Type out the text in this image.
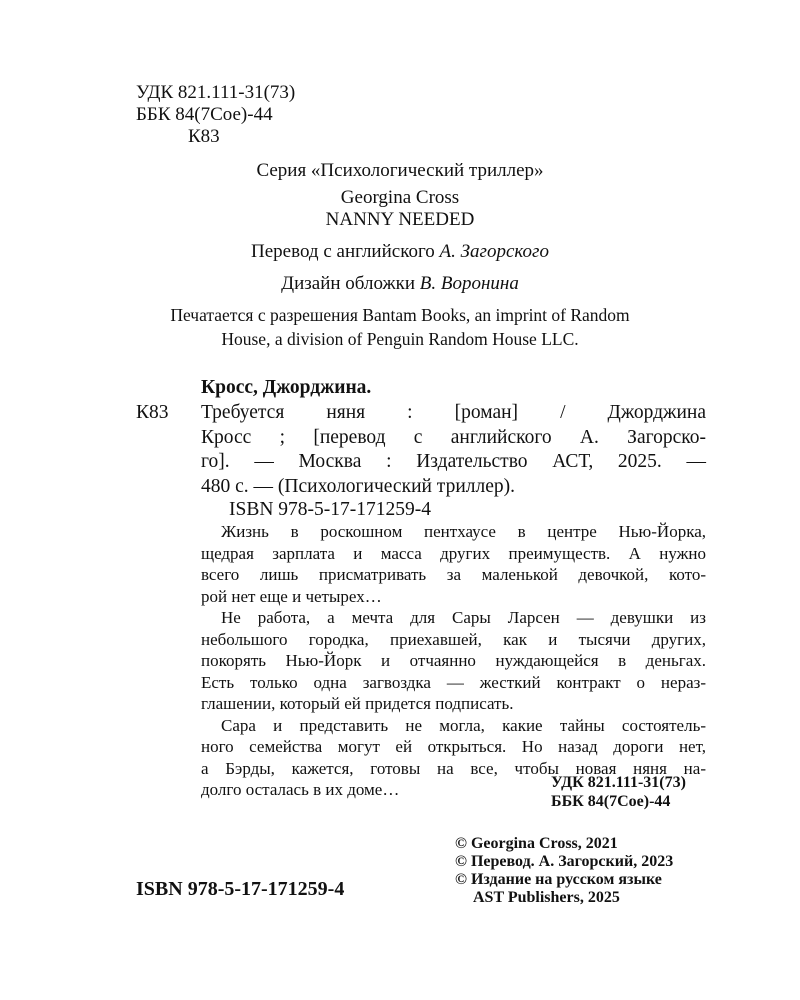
УДК 821.111-31(73)
ББК 84(7Сое)-44
К83
Серия «Психологический триллер»
Georgina Cross
NANNY NEEDED
Перевод с английского А. Загорского
Дизайн обложки В. Воронина
Печатается с разрешения Bantam Books, an imprint of Random
House, a division of Penguin Random House LLC.
Кросс, Джорджина.
К83 Требуется няня : [роман] / Джорджина
Кросс ; [перевод с английского А. Загорско-
го]. — Москва : Издательство АСТ, 2025. —
480 с. — (Психологический триллер).
ISBN 978-5-17-171259-4
Жизнь в роскошном пентхаусе в центре Нью-Йорка,
щедрая зарплата и масса других преимуществ. А нужно
всего лишь присматривать за маленькой девочкой, кото-
рой нет еще и четырех…
Не работа, а мечта для Сары Ларсен — девушки из
небольшого городка, приехавшей, как и тысячи других,
покорять Нью-Йорк и отчаянно нуждающейся в деньгах.
Есть только одна загвоздка — жесткий контракт о нераз-
глашении, который ей придется подписать.
Сара и представить не могла, какие тайны состоятель-
ного семейства могут ей открыться. Но назад дороги нет,
а Бэрды, кажется, готовы на все, чтобы новая няня на-
долго осталась в их доме…	УДК 821.111-31(73)
ББК 84(7Сое)-44
© Georgina Cross, 2021
© Перевод. А. Загорский, 2023
© Издание на русском языке
AST Publishers, 2025
ISBN 978-5-17-171259-4
